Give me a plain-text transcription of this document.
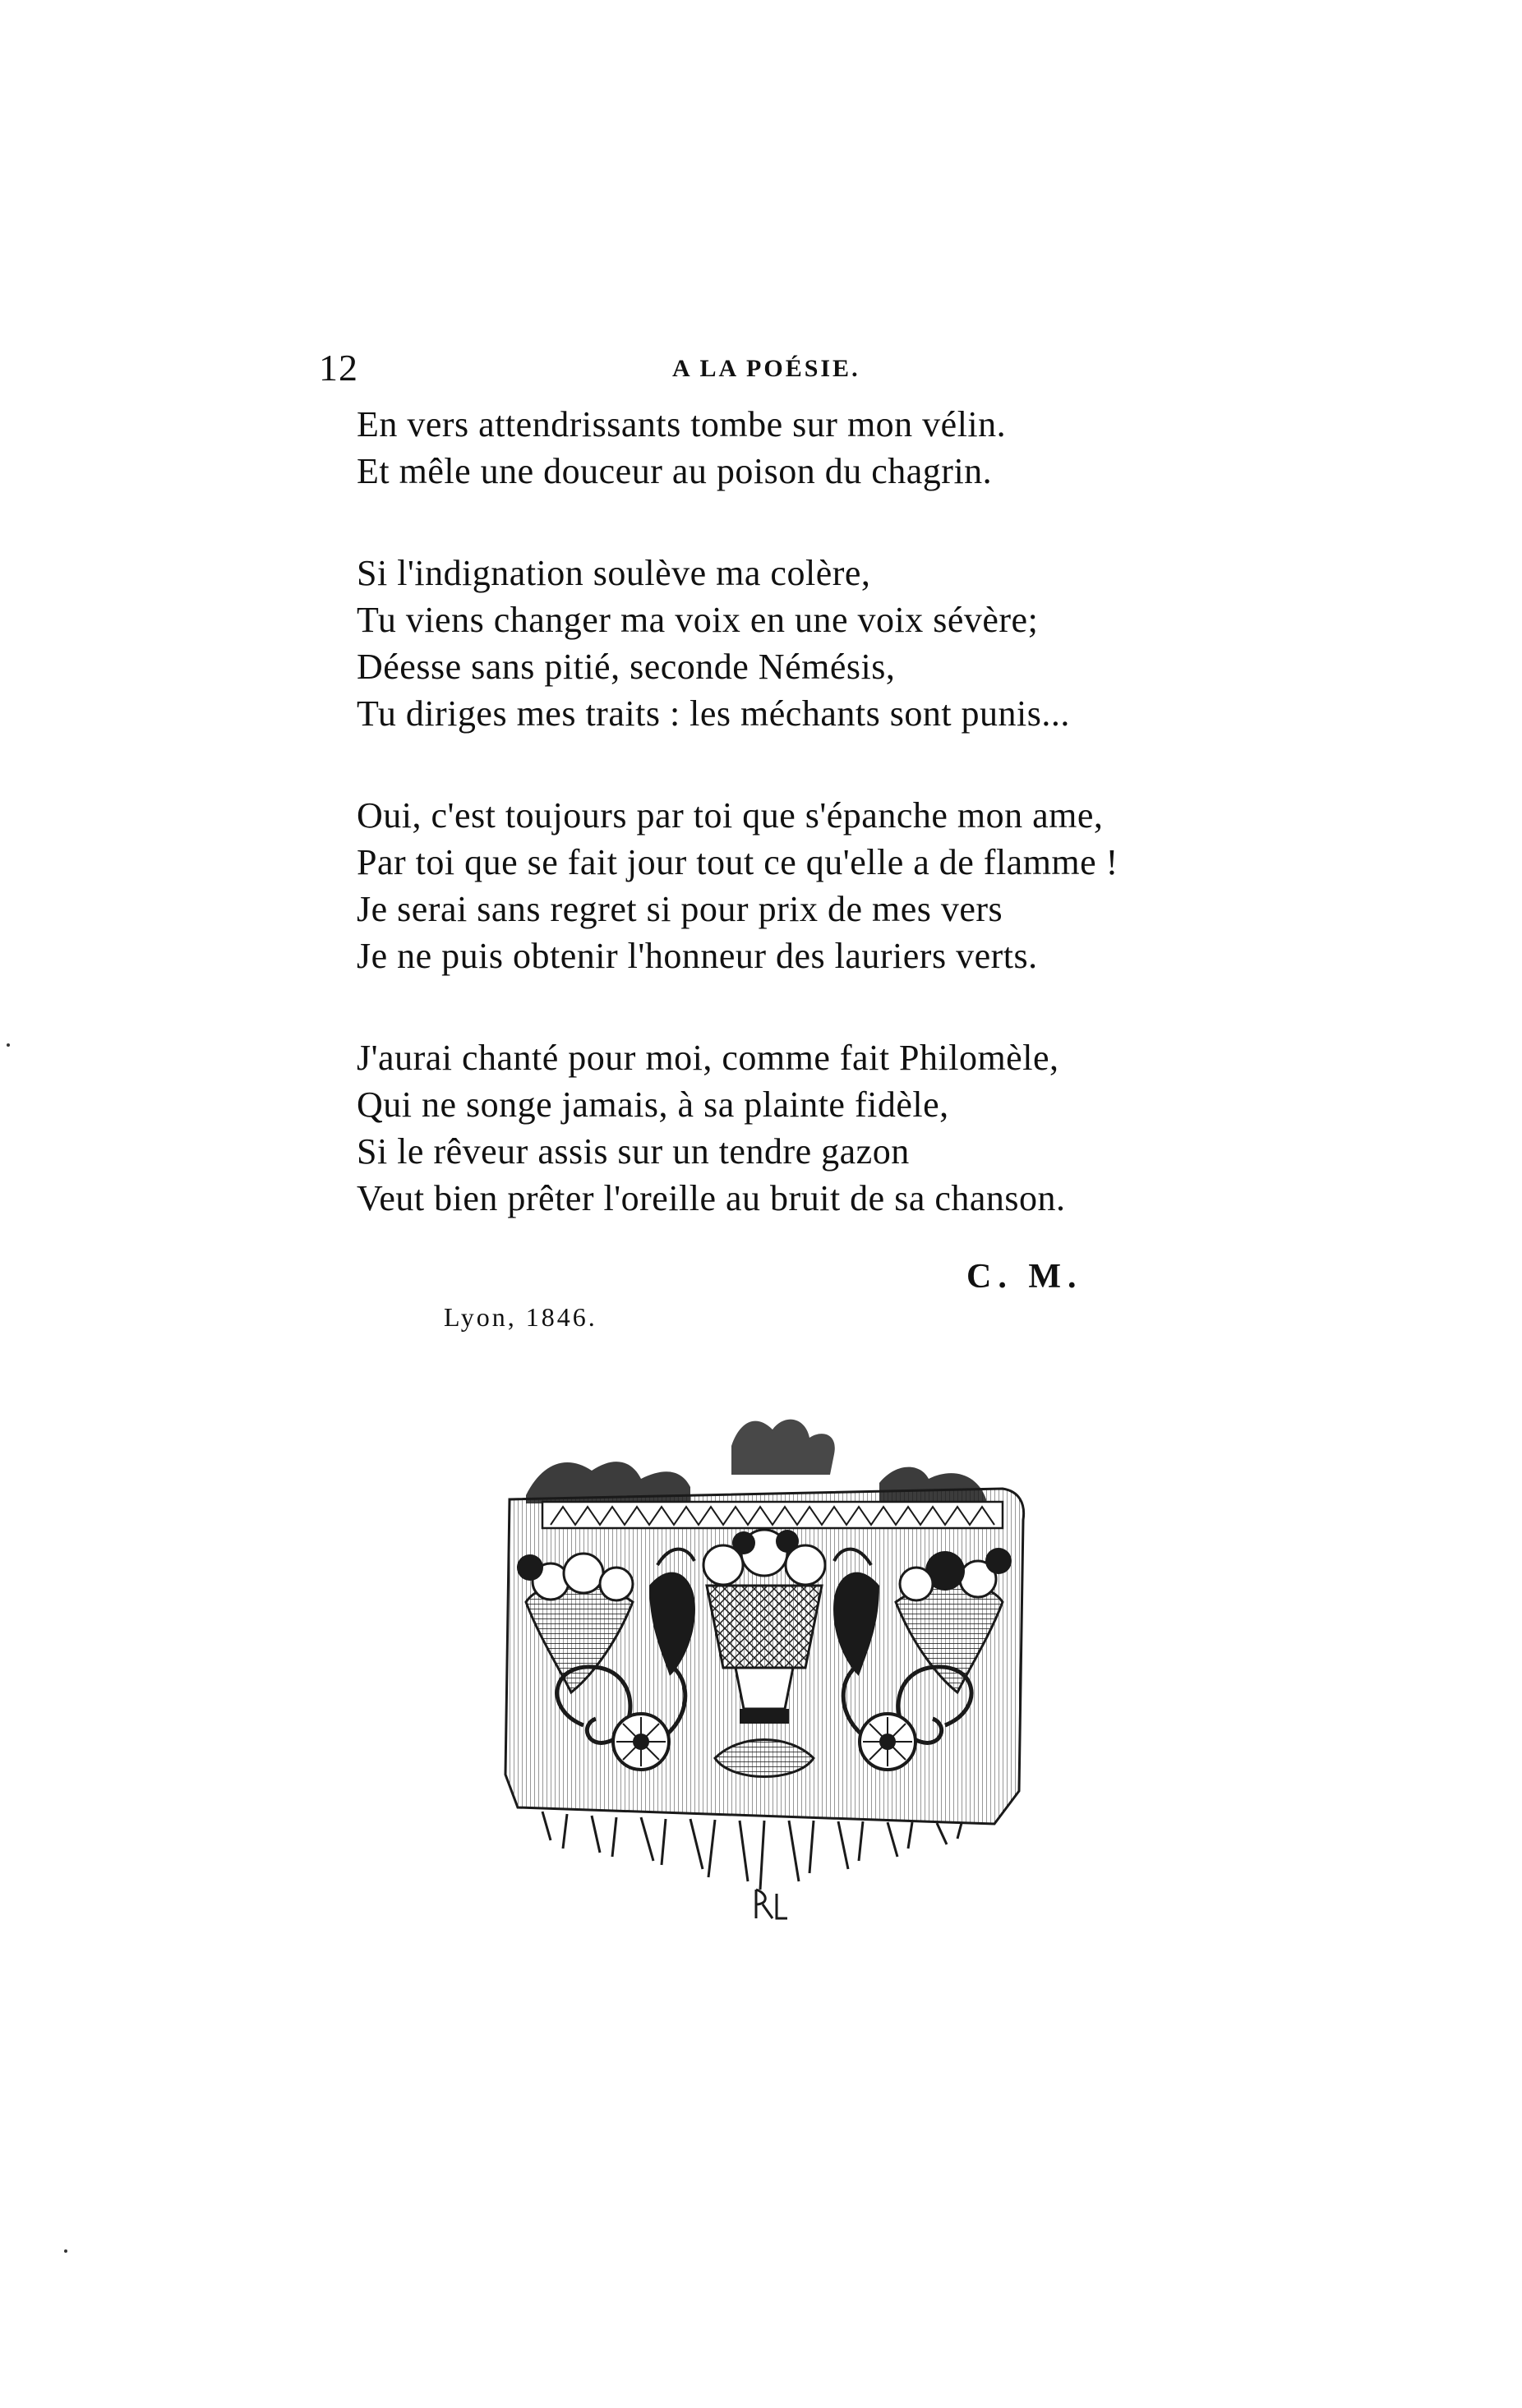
12	A LA POÉSIE.
En vers attendrissants tombe sur mon vélin.
Et mêle une douceur au poison du chagrin.
Si l'indignation soulève ma colère,
Tu viens changer ma voix en une voix sévère;
Déesse sans pitié, seconde Némésis,
Tu diriges mes traits : les méchants sont punis...
Oui, c'est toujours par toi que s'épanche mon ame,
Par toi que se fait jour tout ce qu'elle a de flamme !
Je serai sans regret si pour prix de mes vers
Je ne puis obtenir l'honneur des lauriers verts.
J'aurai chanté pour moi, comme fait Philomèle,
Qui ne songe jamais, à sa plainte fidèle,
Si le rêveur assis sur un tendre gazon
Veut bien prêter l'oreille au bruit de sa chanson.
C. M.
Lyon, 1846.
